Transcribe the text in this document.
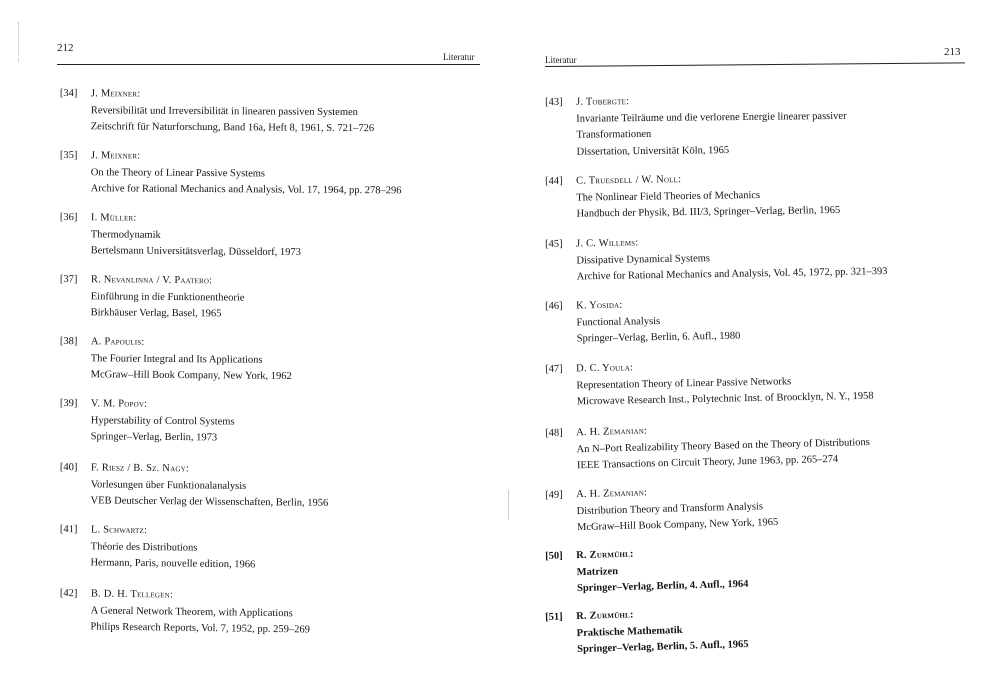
212
Literatur
[34] J. Meixner:
Reversibilität und Irreversibilität in linearen passiven Systemen
Zeitschrift für Naturforschung, Band 16a, Heft 8, 1961, S. 721–726
[35] J. Meixner:
On the Theory of Linear Passive Systems
Archive for Rational Mechanics and Analysis, Vol. 17, 1964, pp. 278–296
[36] I. Müller:
Thermodynamik
Bertelsmann Universitätsverlag, Düsseldorf, 1973
[37] R. Nevanlinna / V. Paatero:
Einführung in die Funktionentheorie
Birkhäuser Verlag, Basel, 1965
[38] A. Papoulis:
The Fourier Integral and Its Applications
McGraw–Hill Book Company, New York, 1962
[39] V. M. Popov:
Hyperstability of Control Systems
Springer–Verlag, Berlin, 1973
[40] F. Riesz / B. Sz. Nagy:
Vorlesungen über Funktionalanalysis
VEB Deutscher Verlag der Wissenschaften, Berlin, 1956
[41] L. Schwartz:
Théorie des Distributions
Hermann, Paris, nouvelle edition, 1966
[42] B. D. H. Tellegen:
A General Network Theorem, with Applications
Philips Research Reports, Vol. 7, 1952, pp. 259–269
Literatur
213
[43] J. Tobergte:
Invariante Teilräume und die verlorene Energie linearer passiver
Transformationen
Dissertation, Universität Köln, 1965
[44] C. Truesdell / W. Noll:
The Nonlinear Field Theories of Mechanics
Handbuch der Physik, Bd. III/3, Springer–Verlag, Berlin, 1965
[45] J. C. Willems:
Dissipative Dynamical Systems
Archive for Rational Mechanics and Analysis, Vol. 45, 1972, pp. 321–393
[46] K. Yosida:
Functional Analysis
Springer–Verlag, Berlin, 6. Aufl., 1980
[47] D. C. Youla:
Representation Theory of Linear Passive Networks
Microwave Research Inst., Polytechnic Inst. of Broocklyn, N. Y., 1958
[48] A. H. Zemanian:
An N–Port Realizability Theory Based on the Theory of Distributions
IEEE Transactions on Circuit Theory, June 1963, pp. 265–274
[49] A. H. Zemanian:
Distribution Theory and Transform Analysis
McGraw–Hill Book Company, New York, 1965
[50] R. Zurmühl:
Matrizen
Springer–Verlag, Berlin, 4. Aufl., 1964
[51] R. Zurmühl:
Praktische Mathematik
Springer–Verlag, Berlin, 5. Aufl., 1965
